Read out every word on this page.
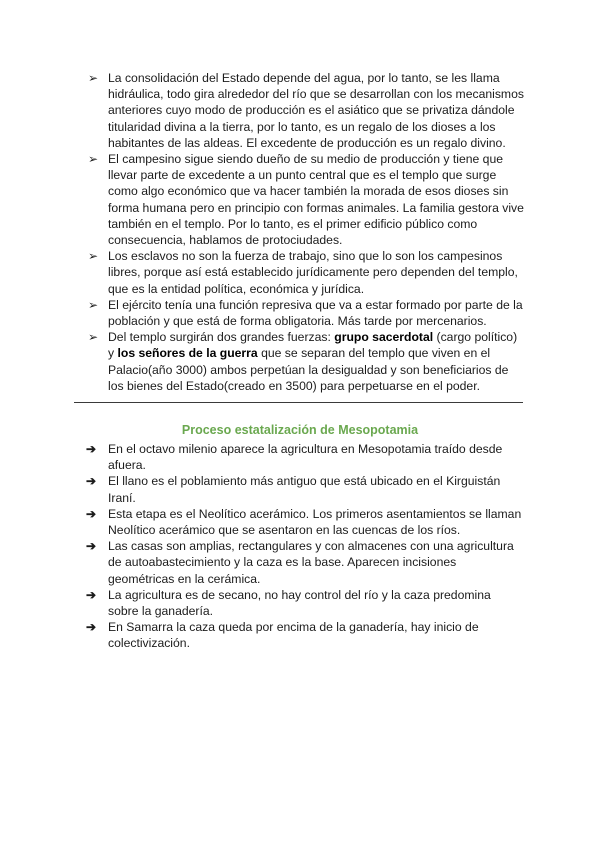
➢ La consolidación del Estado depende del agua, por lo tanto, se les llama hidráulica, todo gira alrededor del río que se desarrollan con los mecanismos anteriores cuyo modo de producción es el asiático que se privatiza dándole titularidad divina a la tierra, por lo tanto, es un regalo de los dioses a los habitantes de las aldeas. El excedente de producción es un regalo divino.
➢ El campesino sigue siendo dueño de su medio de producción y tiene que llevar parte de excedente a un punto central que es el templo que surge como algo económico que va hacer también la morada de esos dioses sin forma humana pero en principio con formas animales. La familia gestora vive también en el templo. Por lo tanto, es el primer edificio público como consecuencia, hablamos de protociudades.
➢ Los esclavos no son la fuerza de trabajo, sino que lo son los campesinos libres, porque así está establecido jurídicamente pero dependen del templo, que es la entidad política, económica y jurídica.
➢ El ejército tenía una función represiva que va a estar formado por parte de la población y que está de forma obligatoria. Más tarde por mercenarios.
➢ Del templo surgirán dos grandes fuerzas: grupo sacerdotal (cargo político) y los señores de la guerra que se separan del templo que viven en el Palacio(año 3000) ambos perpetúan la desigualdad y son beneficiarios de los bienes del Estado(creado en 3500) para perpetuarse en el poder.
Proceso estatalización de Mesopotamia
➔ En el octavo milenio aparece la agricultura en Mesopotamia traído desde afuera.
➔ El llano es el poblamiento más antiguo que está ubicado en el Kirguistán Iraní.
➔ Esta etapa es el Neolítico acerámico. Los primeros asentamientos se llaman Neolítico acerámico que se asentaron en las cuencas de los ríos.
➔ Las casas son amplias, rectangulares y con almacenes con una agricultura de autoabastecimiento y la caza es la base. Aparecen incisiones geométricas en la cerámica.
➔ La agricultura es de secano, no hay control del río y la caza predomina sobre la ganadería.
➔ En Samarra la caza queda por encima de la ganadería, hay inicio de colectivización.
